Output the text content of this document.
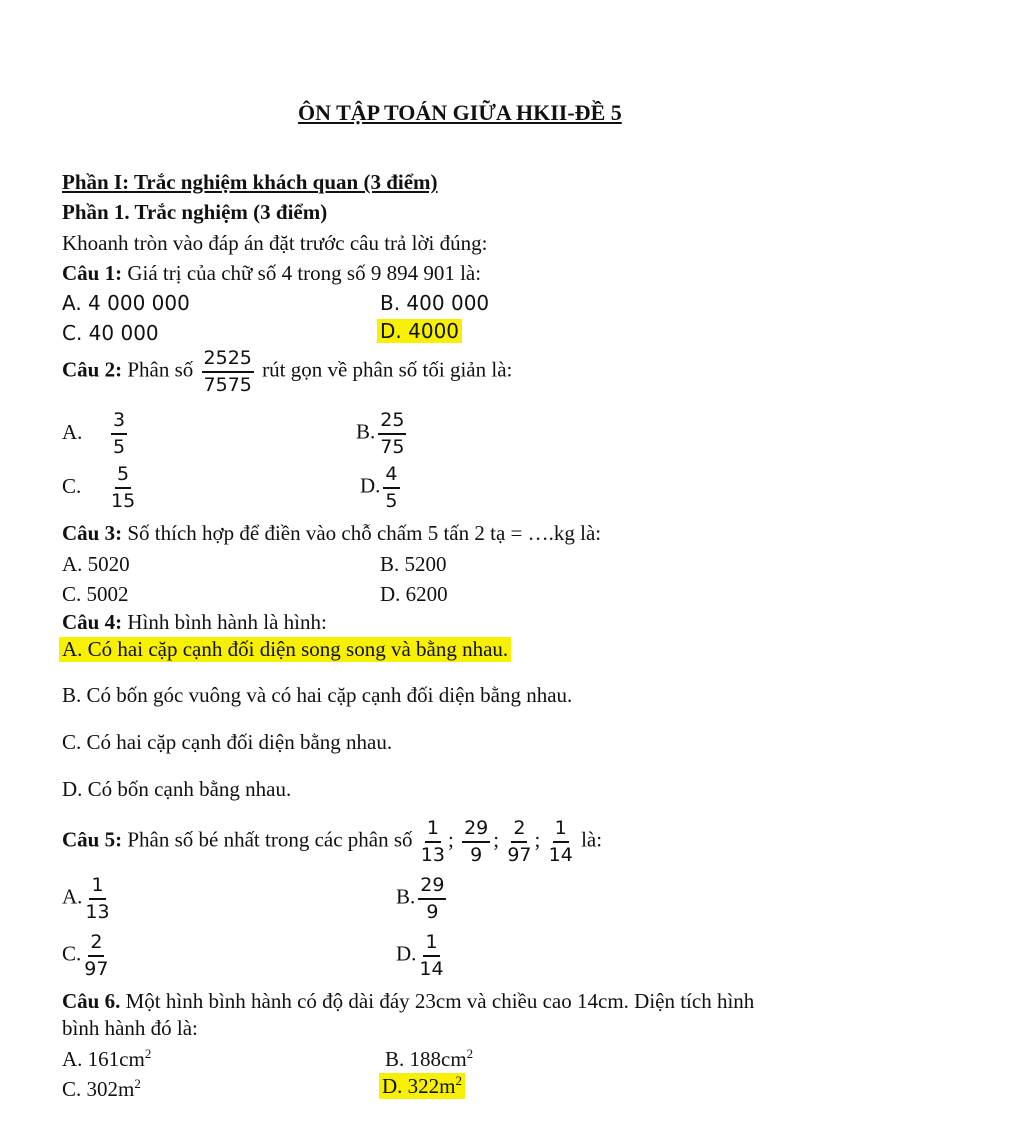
ÔN TẬP TOÁN GIỮA HKII-ĐỀ 5
Phần I: Trắc nghiệm khách quan (3 điểm)
Phần 1. Trắc nghiệm (3 điểm)
Khoanh tròn vào đáp án đặt trước câu trả lời đúng:
Câu 1: Giá trị của chữ số 4 trong số 9 894 901 là:
A. 4 000 000	B. 400 000
C. 40 000	D. 4000
Câu 2: Phân số $\frac{2525}{7575}$ rút gọn về phân số tối giản là:
A. $\frac{3}{5}$	B. $\frac{25}{75}$
C. $\frac{5}{15}$	D. $\frac{4}{5}$
Câu 3: Số thích hợp để điền vào chỗ chấm 5 tấn 2 tạ = ….kg là:
A. 5020	B. 5200
C. 5002	D. 6200
Câu 4: Hình bình hành là hình:
A. Có hai cặp cạnh đối diện song song và bằng nhau.
B. Có bốn góc vuông và có hai cặp cạnh đối diện bằng nhau.
C. Có hai cặp cạnh đối diện bằng nhau.
D. Có bốn cạnh bằng nhau.
Câu 5: Phân số bé nhất trong các phân số $\frac{1}{13}$ ; $\frac{29}{9}$ ; $\frac{2}{97}$ ; $\frac{1}{14}$ là:
A. $\frac{1}{13}$	B. $\frac{29}{9}$
C. $\frac{2}{97}$	D. $\frac{1}{14}$
Câu 6. Một hình bình hành có độ dài đáy 23cm và chiều cao 14cm. Diện tích hình
bình hành đó là:
A. $161cm^2$	B. $188cm^2$
C. $302m^2$	D. $322m^2$
